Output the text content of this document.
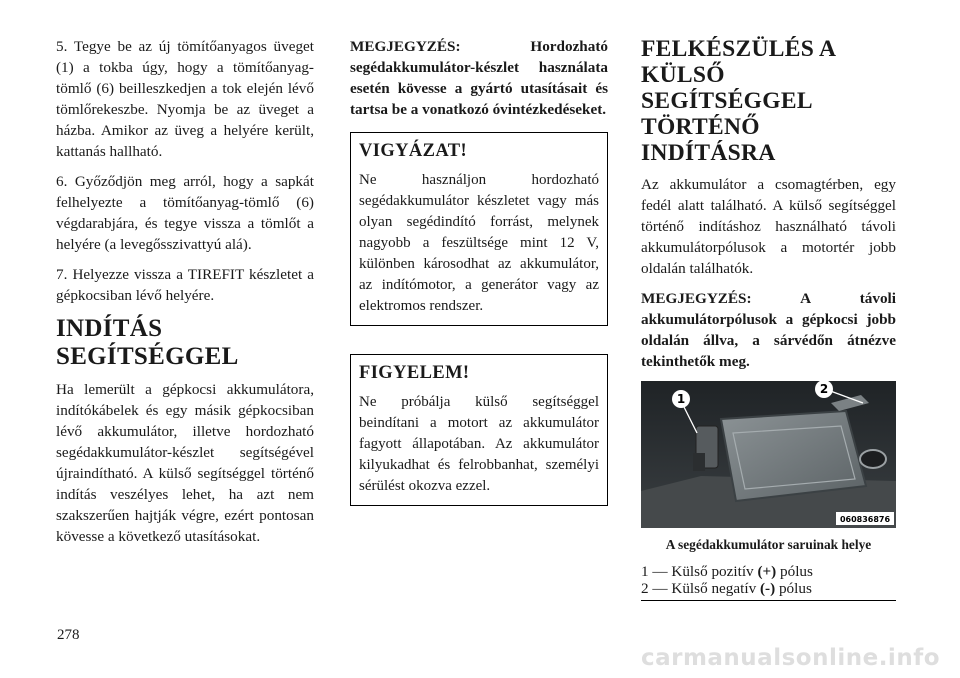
5. Tegye be az új tömítőanyagos üveget (1) a tokba úgy, hogy a tömítőanyag-tömlő (6) beilleszkedjen a tok elején lévő tömlőrekeszbe. Nyomja be az üveget a házba. Amikor az üveg a helyére került, kattanás hallható.

6. Győződjön meg arról, hogy a sapkát felhelyezte a tömítőanyag-tömlő (6) végdarabjára, és tegye vissza a tömlőt a helyére (a levegősszivattyú alá).

7. Helyezze vissza a TIREFIT készletet a gépkocsiban lévő helyére.

INDÍTÁS SEGÍTSÉGGEL

Ha lemerült a gépkocsi akkumulátora, indítókábelek és egy másik gépkocsiban lévő akkumulátor, illetve hordozható segédakkumulátor-készlet segítségével újraindítható. A külső segítséggel történő indítás veszélyes lehet, ha azt nem szakszerűen hajtják végre, ezért pontosan kövesse a következő utasításokat.

MEGJEGYZÉS: Hordozható segédakkumulátor-készlet használata esetén kövesse a gyártó utasításait és tartsa be a vonatkozó óvintézkedéseket.

VIGYÁZAT!

Ne használjon hordozható segédakkumulátor készletet vagy más olyan segédindító forrást, melynek nagyobb a feszültsége mint 12 V, különben károsodhat az akkumulátor, az indítómotor, a generátor vagy az elektromos rendszer.

FIGYELEM!

Ne próbálja külső segítséggel beindítani a motort az akkumulátor fagyott állapotában. Az akkumulátor kilyukadhat és felrobbanhat, személyi sérülést okozva ezzel.

FELKÉSZÜLÉS A KÜLSŐ SEGÍTSÉGGEL TÖRTÉNŐ INDÍTÁSRA

Az akkumulátor a csomagtérben, egy fedél alatt található. A külső segítséggel történő indításhoz használható távoli akkumulátorpólusok a motortér jobb oldalán találhatók.

MEGJEGYZÉS: A távoli akkumulátorpólusok a gépkocsi jobb oldalán állva, a sárvédőn átnézve tekinthetők meg.

1
2
060836876
A segédakkumulátor saruinak helye
1 — Külső pozitív (+) pólus
2 — Külső negatív (-) pólus
278
carmanualsonline.info
